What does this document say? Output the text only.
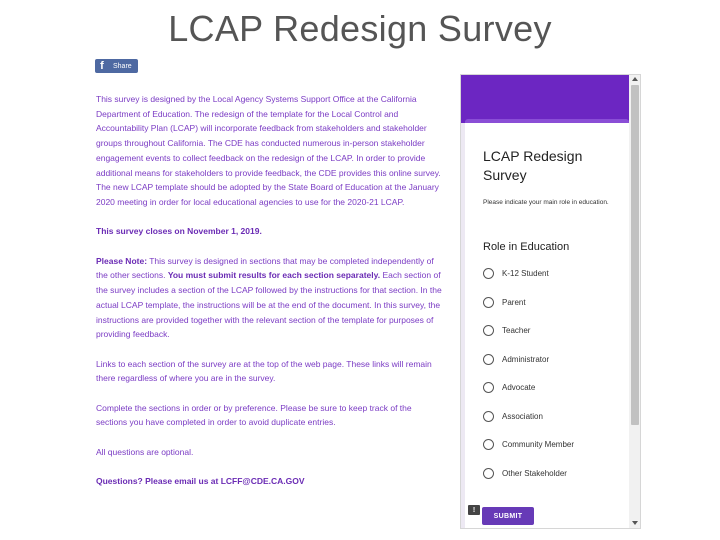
LCAP Redesign Survey
f	Share

This survey is designed by the Local Agency Systems Support Office at the California Department of Education. The redesign of the template for the Local Control and Accountability Plan (LCAP) will incorporate feedback from stakeholders and stakeholder groups throughout California. The CDE has conducted numerous in-person stakeholder engagement events to collect feedback on the redesign of the LCAP. In order to provide additional means for stakeholders to provide feedback, the CDE provides this online survey. The new LCAP template should be adopted by the State Board of Education at the January 2020 meeting in order for local educational agencies to use for the 2020-21 LCAP.

This survey closes on November 1, 2019.

Please Note: This survey is designed in sections that may be completed independently of the other sections. You must submit results for each section separately. Each section of the survey includes a section of the LCAP followed by the instructions for that section. In the actual LCAP template, the instructions will be at the end of the document. In this survey, the instructions are provided together with the relevant section of the template for purposes of providing feedback.

Links to each section of the survey are at the top of the web page. These links will remain there regardless of where you are in the survey.

Complete the sections in order or by preference. Please be sure to keep track of the sections you have completed in order to avoid duplicate entries.

All questions are optional.

Questions? Please email us at LCFF@CDE.CA.GOV

LCAP Redesign Survey
Please indicate your main role in education.
Role in Education
K-12 Student
Parent
Teacher
Administrator
Advocate
Association
Community Member
Other Stakeholder
SUBMIT
!
